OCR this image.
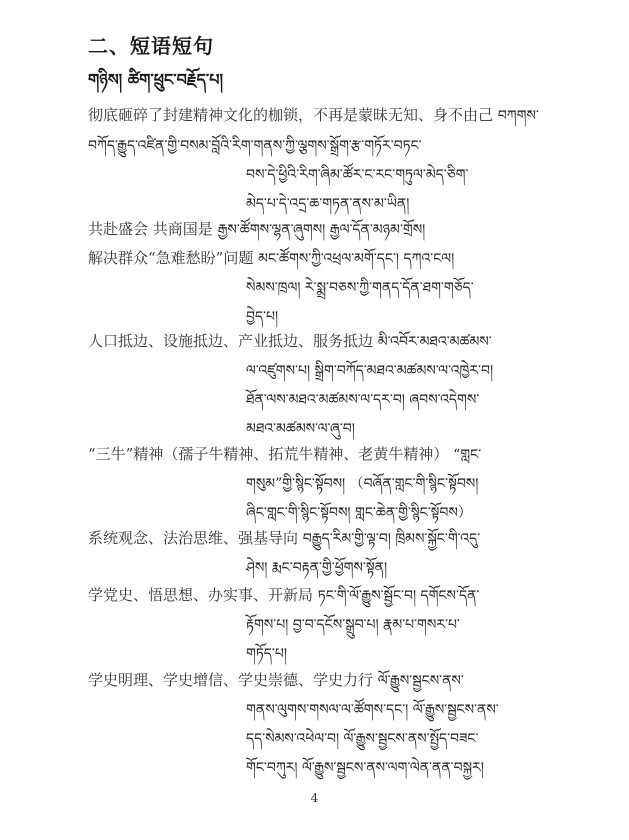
二、短语短句
གཉིས། ཚིག་ཕྲུང་བརྗོད་པ།
彻底砸碎了封建精神文化的枷锁，不再是蒙昧无知、身不由己 བཀགས་བཀོད་རྒྱུད་འཛིན་གྱི་བསམ་བློའི་རིག་གནས་ཀྱི་ལྕགས་སྒྲོག་རྩ་གཏོར་བཏང་
བས་དེ་ཕྱིའི་རིག་ཞིམ་ཚོར་ང་རང་གཏུལ་མེད་ཅིག་
མེད་པ་དེ་འདྲ་ཆ་གཏན་ནས་མ་ཡིན།
共赴盛会 共商国是 རྒྱས་ཚོགས་ལྷན་ཞུགས། རྒྱལ་དོན་མཉམ་གྲོས།
解决群众“急难愁盼”问题 མང་ཚོགས་ཀྱི་འཕྲལ་མགོ་དང་། དཀའ་ངལ།
སེམས་ཁྲལ། རེ་སྨྲ་བཅས་ཀྱི་གནད་དོན་ཐག་གཅོད་
བྱེད་པ།
人口抵边、设施抵边、产业抵边、服务抵边 མི་འབོར་མཐའ་མཚམས་
ལ་འཛུགས་པ། སྒྲིག་བཀོད་མཐའ་མཚམས་ལ་འཁྱེར་བ།
ཐོན་ལས་མཐའ་མཚམས་ལ་དར་བ། ཞབས་འདེགས་
མཐའ་མཚམས་ལ་ཞུ་བ།
“三牛”精神（孺子牛精神、拓荒牛精神、老黄牛精神） “གླང་
གསུམ”གྱི་སྙིང་སྟོབས། （བཞོན་གླང་གི་སྙིང་སྟོབས།
ཞིང་གླང་གི་སྙིང་སྟོབས། གླང་ཆེན་གྱི་སྙིང་སྟོབས）
系统观念、法治思维、强基导向 བརྒྱུད་རིམ་གྱི་ལྟ་བ། ཁྲིམས་སྐྱོང་གི་འདུ་
ཤེས། རྨང་བརྟན་གྱི་ཕྱོགས་སྟོན།
学党史、悟思想、办实事、开新局 ཏང་གི་ལོ་རྒྱུས་སྦྱོང་བ། དགོངས་དོན་
རྟོགས་པ། བྱ་བ་དངོས་སྒྲུབ་པ། རྣམ་པ་གསར་པ་
གཏོད་པ།
学史明理、学史增信、学史崇德、学史力行 ལོ་རྒྱུས་སྦྱངས་ནས་
གནས་ལུགས་གསལ་ལ་ཚོགས་དང་། ལོ་རྒྱུས་སྦྱངས་ནས་
དད་སེམས་འཕེལ་བ། ལོ་རྒྱུས་སྦྱངས་ནས་སྤྱོད་བཟང་
གོང་བཀུར། ལོ་རྒྱུས་སྦྱངས་ནས་ལག་ལེན་ནན་བསྐྱར།
4
